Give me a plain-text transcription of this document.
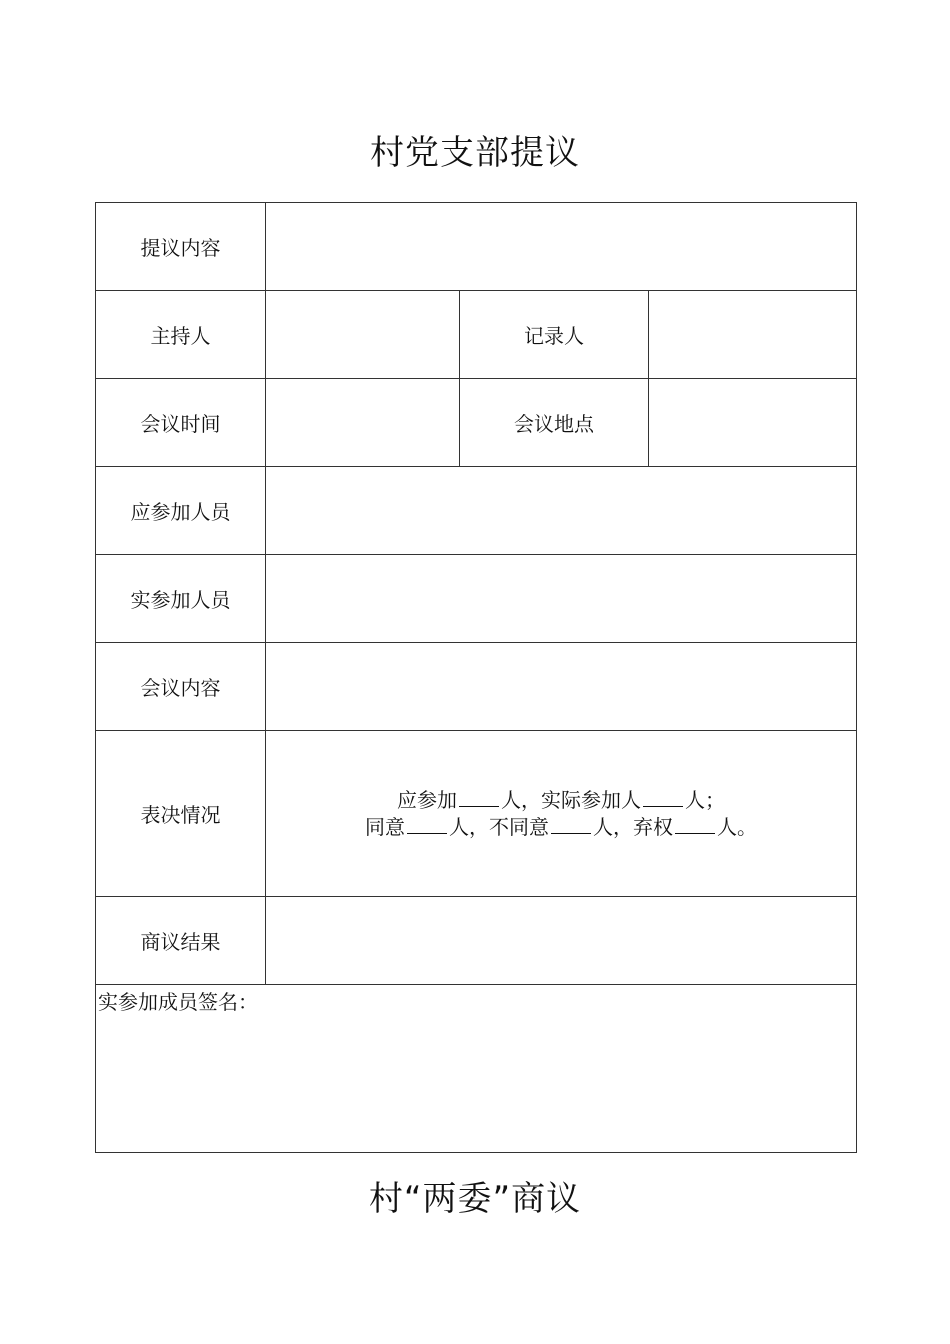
村党支部提议
提议内容			
主持人		记录人	
会议时间		会议地点	
应参加人员			
实参加人员			
会议内容			
表决情况	应参加 人，实际参加人 人；
同意 人，不同意 人，弃权 人。		

商议结果			

实参加成员签名：			
村“两委”商议
